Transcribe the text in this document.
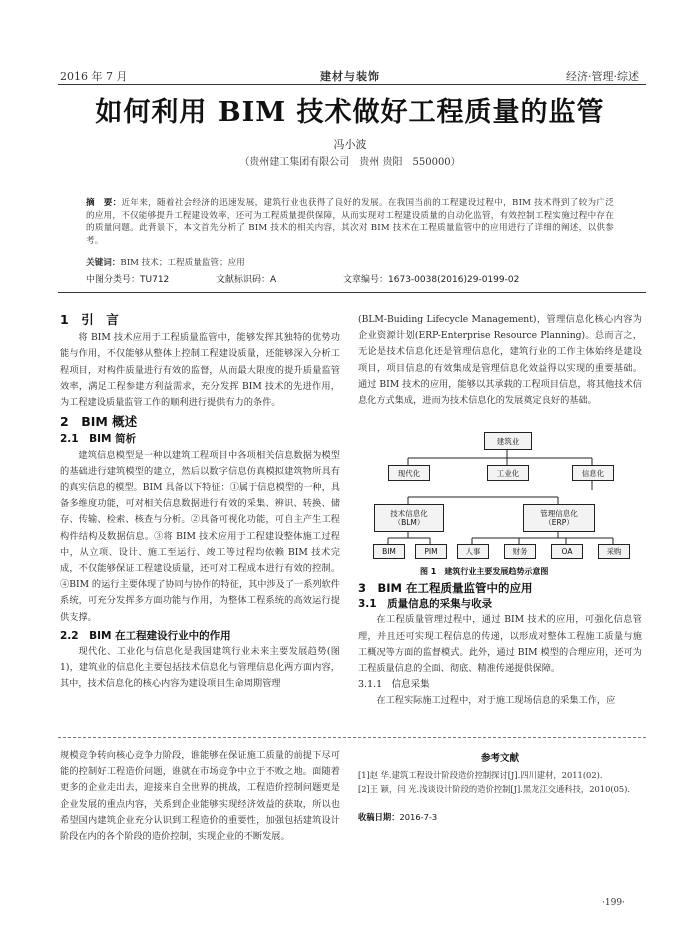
2016 年 7 月	建材与装饰	经济·管理·综述
如何利用 BIM 技术做好工程质量的监管
冯小波
（贵州建工集团有限公司　贵州 贵阳　550000）
摘　要：近年来，随着社会经济的迅速发展，建筑行业也获得了良好的发展。在我国当前的工程建设过程中，BIM 技术得到了较为广泛的应用，不仅能够提升工程建设效率，还可为工程质量提供保障，从而实现对工程建设质量的自动化监管，有效控制工程实施过程中存在的质量问题。此背景下，本文首先分析了 BIM 技术的相关内容，其次对 BIM 技术在工程质量监管中的应用进行了详细的阐述，以供参考。
关键词：BIM 技术；工程质量监管；应用
中图分类号：TU712	文献标识码：A	文章编号：1673-0038(2016)29-0199-02
1　引　言

将 BIM 技术应用于工程质量监管中，能够发挥其独特的优势功能与作用，不仅能够从整体上控制工程建设质量，还能够深入分析工程项目，对构件质量进行有效的监督，从而最大限度的提升质量监管效率，满足工程参建方利益需求，充分发挥 BIM 技术的先进作用，为工程建设质量监管工作的顺利进行提供有力的条件。

2　BIM 概述
2.1　BIM 简析

建筑信息模型是一种以建筑工程项目中各项相关信息数据为模型的基础进行建筑模型的建立，然后以数字信息仿真模拟建筑物所具有的真实信息的模型。BIM 具备以下特征：①属于信息模型的一种，具备多维度功能，可对相关信息数据进行有效的采集、辨识、转换、储存、传输、检索、核查与分析。②具备可视化功能，可自主产生工程构件结构及数据信息。③将 BIM 技术应用于工程建设整体施工过程中，从立项、设计、施工至运行、竣工等过程均依赖 BIM 技术完成，不仅能够保证工程建设质量，还可对工程成本进行有效的控制。④BIM 的运行主要体现了协同与协作的特征，其中涉及了一系列软件系统，可充分发挥多方面功能与作用，为整体工程系统的高效运行提供支撑。

2.2　BIM 在工程建设行业中的作用

现代化、工业化与信息化是我国建筑行业未来主要发展趋势(图 1)，建筑业的信息化主要包括技术信息化与管理信息化两方面内容，其中，技术信息化的核心内容为建设项目生命周期管理

(BLM-Buiding Lifecycle Management)，管理信息化核心内容为企业资源计划(ERP-Enterprise Resource Planning)。总而言之，无论是技术信息化还是管理信息化，建筑行业的工作主体始终是建设项目，项目信息的有效集成是管理信息化效益得以实现的重要基础。通过 BIM 技术的应用，能够以其承载的工程项目信息，将其他技术信息化方式集成，进而为技术信息化的发展奠定良好的基础。

建筑业
现代化	工业化	信息化
技术信息化
（BLM）
管理信息化
（ERP）
BIM	PIM	人事	财务	OA	采购
图 1　建筑行业主要发展趋势示意图
3　BIM 在工程质量监管中的应用
3.1　质量信息的采集与收录

在工程质量管理过程中，通过 BIM 技术的应用，可强化信息管理，并且还可实现工程信息的传递，以形成对整体工程施工质量与施工概况等方面的监督模式。此外，通过 BIM 模型的合理应用，还可为工程质量信息的全面、彻底、精准传递提供保障。

3.1.1　信息采集

在工程实际施工过程中，对于施工现场信息的采集工作，应

规模竞争转向核心竞争力阶段，谁能够在保证施工质量的前提下尽可能的控制好工程造价问题，谁就在市场竞争中立于不败之地。面随着更多的企业走出去，迎接来自全世界的挑战，工程造价控制问题更是企业发展的重点内容，关系到企业能够实现经济效益的获取，所以也希望国内建筑企业充分认识到工程造价的重要性，加强包括建筑设计阶段在内的各个阶段的造价控制，实现企业的不断发展。

参考文献
[1]赵 华.建筑工程设计阶段造价控制探讨[J].四川建材，2011(02).
[2]王 颖，闫 光.浅谈设计阶段的造价控制[J].黑龙江交通科技，2010(05).
收稿日期：2016-7-3
·199·
